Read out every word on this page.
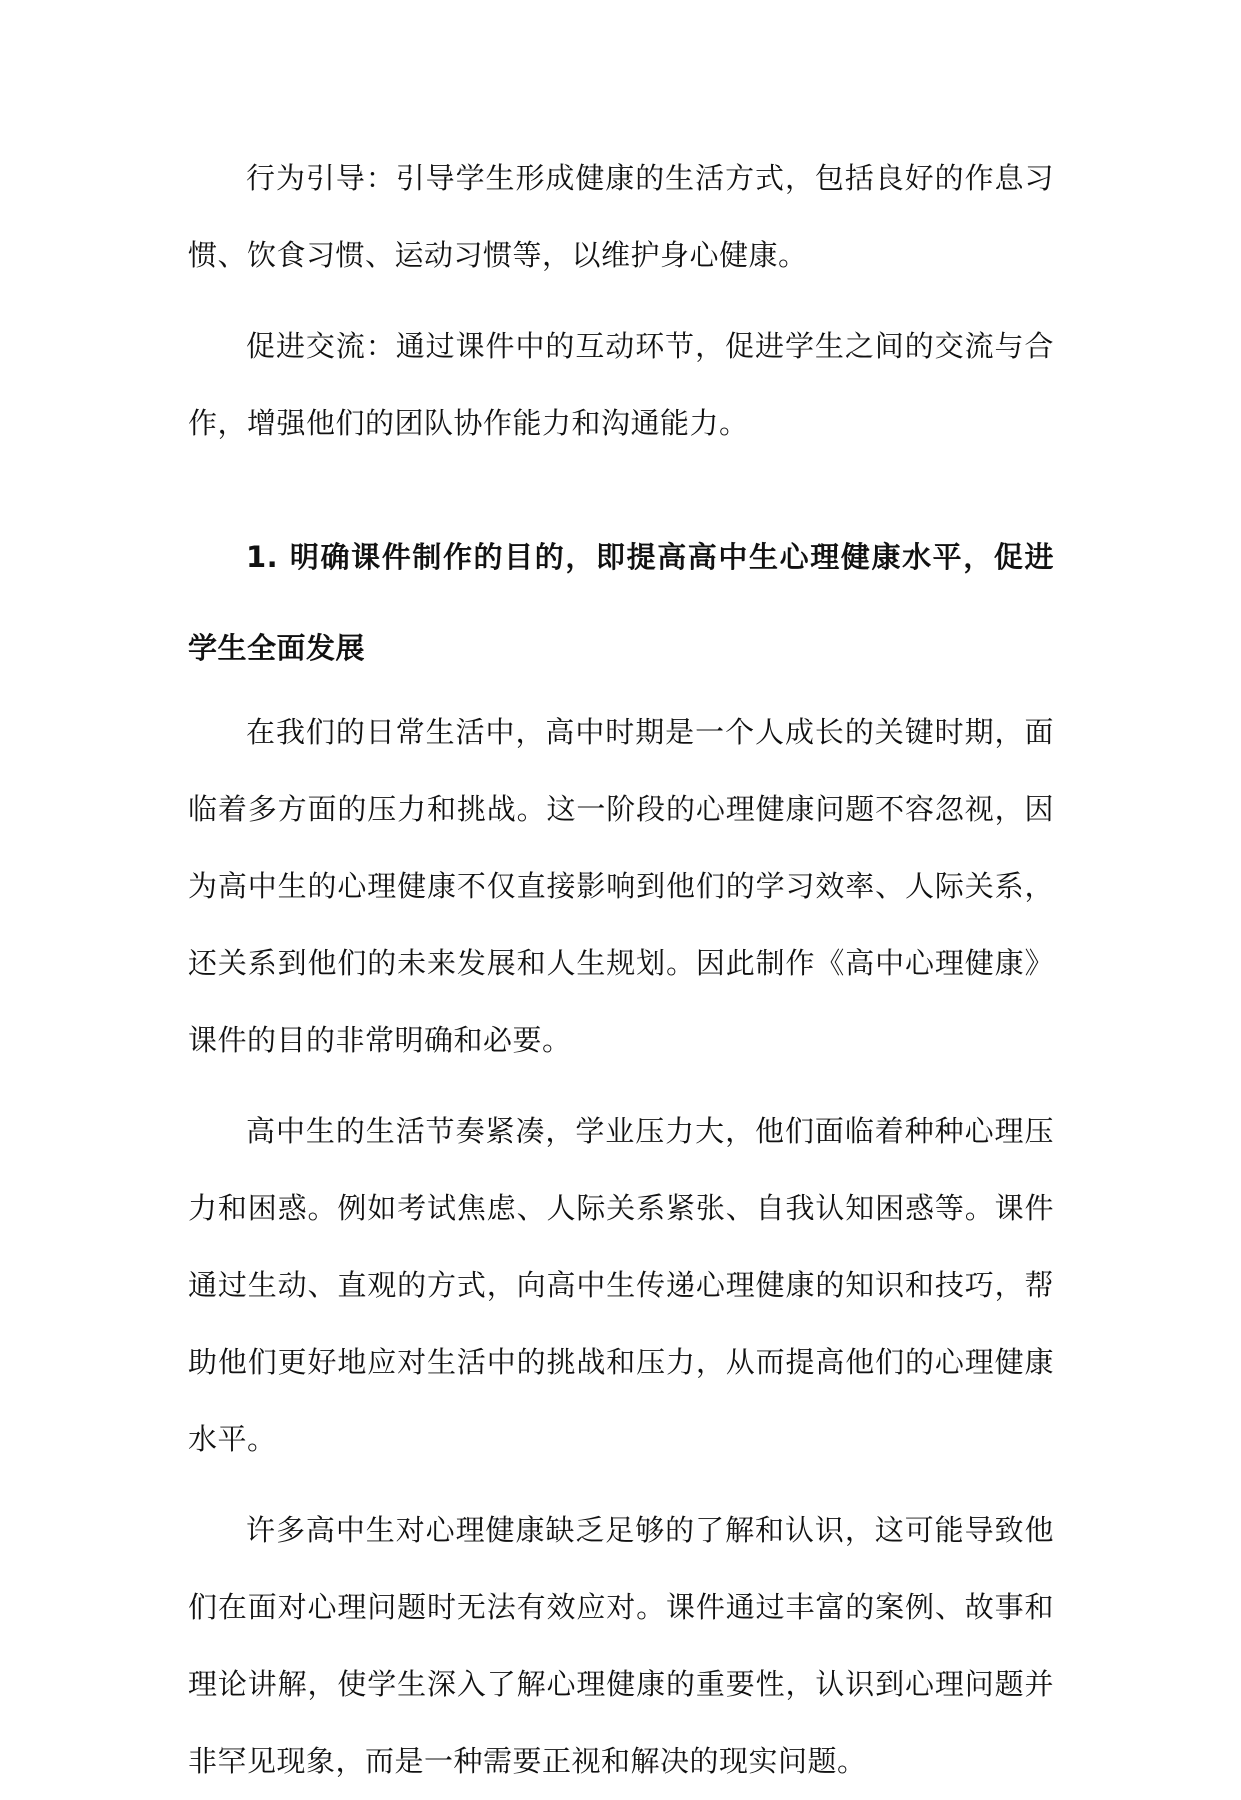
行为引导：引导学生形成健康的生活方式，包括良好的作息习惯、饮食习惯、运动习惯等，以维护身心健康。

促进交流：通过课件中的互动环节，促进学生之间的交流与合作，增强他们的团队协作能力和沟通能力。

1. 明确课件制作的目的，即提高高中生心理健康水平，促进学生全面发展

在我们的日常生活中，高中时期是一个人成长的关键时期，面临着多方面的压力和挑战。这一阶段的心理健康问题不容忽视，因为高中生的心理健康不仅直接影响到他们的学习效率、人际关系，还关系到他们的未来发展和人生规划。因此制作《高中心理健康》课件的目的非常明确和必要。

高中生的生活节奏紧凑，学业压力大，他们面临着种种心理压力和困惑。例如考试焦虑、人际关系紧张、自我认知困惑等。课件通过生动、直观的方式，向高中生传递心理健康的知识和技巧，帮助他们更好地应对生活中的挑战和压力，从而提高他们的心理健康水平。

许多高中生对心理健康缺乏足够的了解和认识，这可能导致他们在面对心理问题时无法有效应对。课件通过丰富的案例、故事和理论讲解，使学生深入了解心理健康的重要性，认识到心理问题并非罕见现象，而是一种需要正视和解决的现实问题。
